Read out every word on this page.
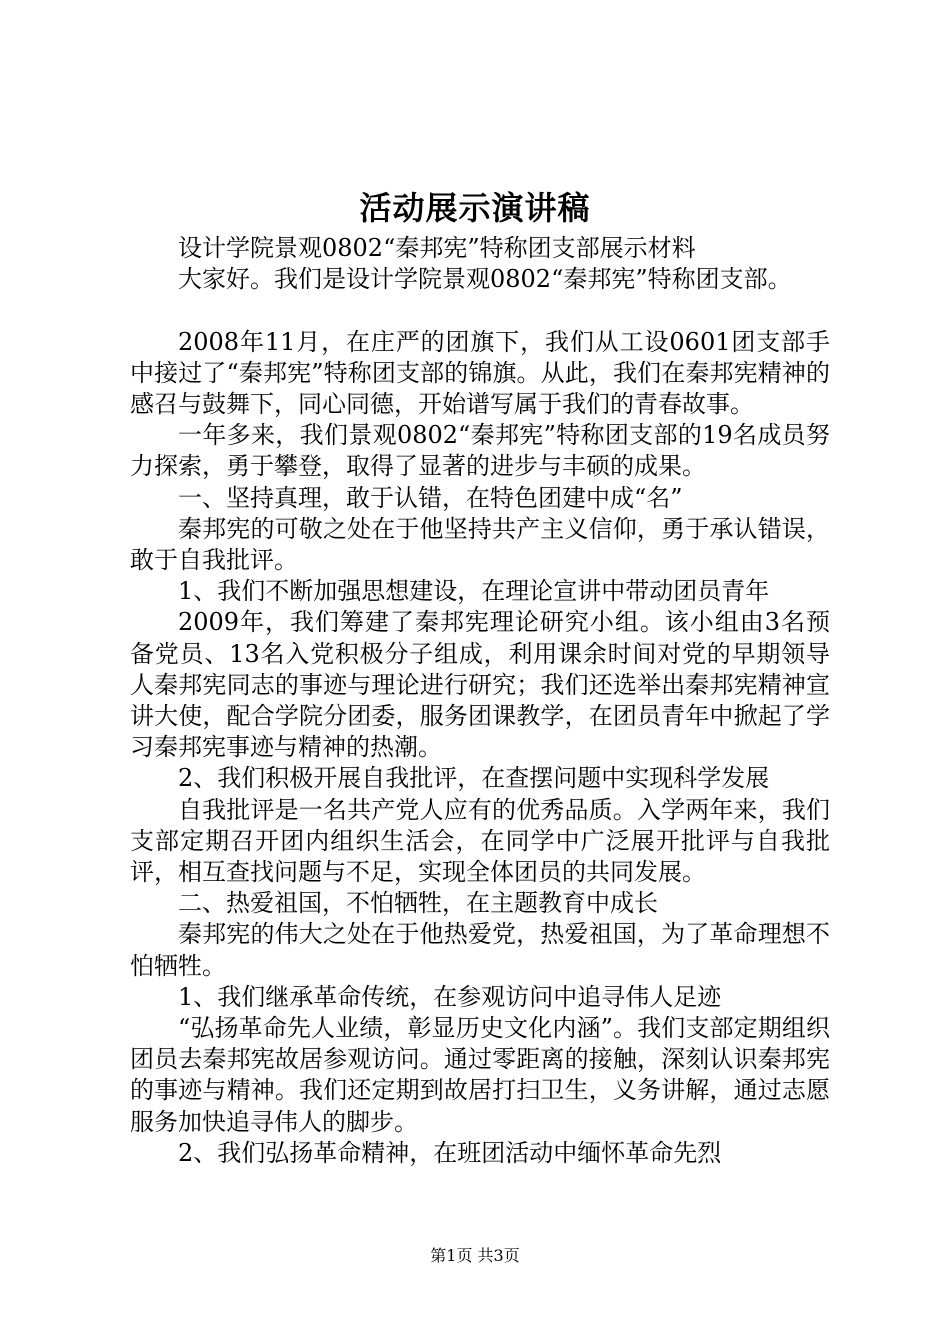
活动展示演讲稿

设计学院景观0802“秦邦宪”特称团支部展示材料

大家好。我们是设计学院景观0802“秦邦宪”特称团支部。

2008年11月，在庄严的团旗下，我们从工设0601团支部手中接过了“秦邦宪”特称团支部的锦旗。从此，我们在秦邦宪精神的感召与鼓舞下，同心同德，开始谱写属于我们的青春故事。

一年多来，我们景观0802“秦邦宪”特称团支部的19名成员努力探索，勇于攀登，取得了显著的进步与丰硕的成果。

一、坚持真理，敢于认错，在特色团建中成“名”

秦邦宪的可敬之处在于他坚持共产主义信仰，勇于承认错误，敢于自我批评。

1、我们不断加强思想建设，在理论宣讲中带动团员青年

2009年，我们筹建了秦邦宪理论研究小组。该小组由3名预备党员、13名入党积极分子组成，利用课余时间对党的早期领导人秦邦宪同志的事迹与理论进行研究；我们还选举出秦邦宪精神宣讲大使，配合学院分团委，服务团课教学，在团员青年中掀起了学习秦邦宪事迹与精神的热潮。

2、我们积极开展自我批评，在查摆问题中实现科学发展

自我批评是一名共产党人应有的优秀品质。入学两年来，我们支部定期召开团内组织生活会，在同学中广泛展开批评与自我批评，相互查找问题与不足，实现全体团员的共同发展。

二、热爱祖国，不怕牺牲，在主题教育中成长

秦邦宪的伟大之处在于他热爱党，热爱祖国，为了革命理想不怕牺牲。

1、我们继承革命传统，在参观访问中追寻伟人足迹

“弘扬革命先人业绩，彰显历史文化内涵”。我们支部定期组织团员去秦邦宪故居参观访问。通过零距离的接触，深刻认识秦邦宪的事迹与精神。我们还定期到故居打扫卫生，义务讲解，通过志愿服务加快追寻伟人的脚步。

2、我们弘扬革命精神，在班团活动中缅怀革命先烈

第1页 共3页
